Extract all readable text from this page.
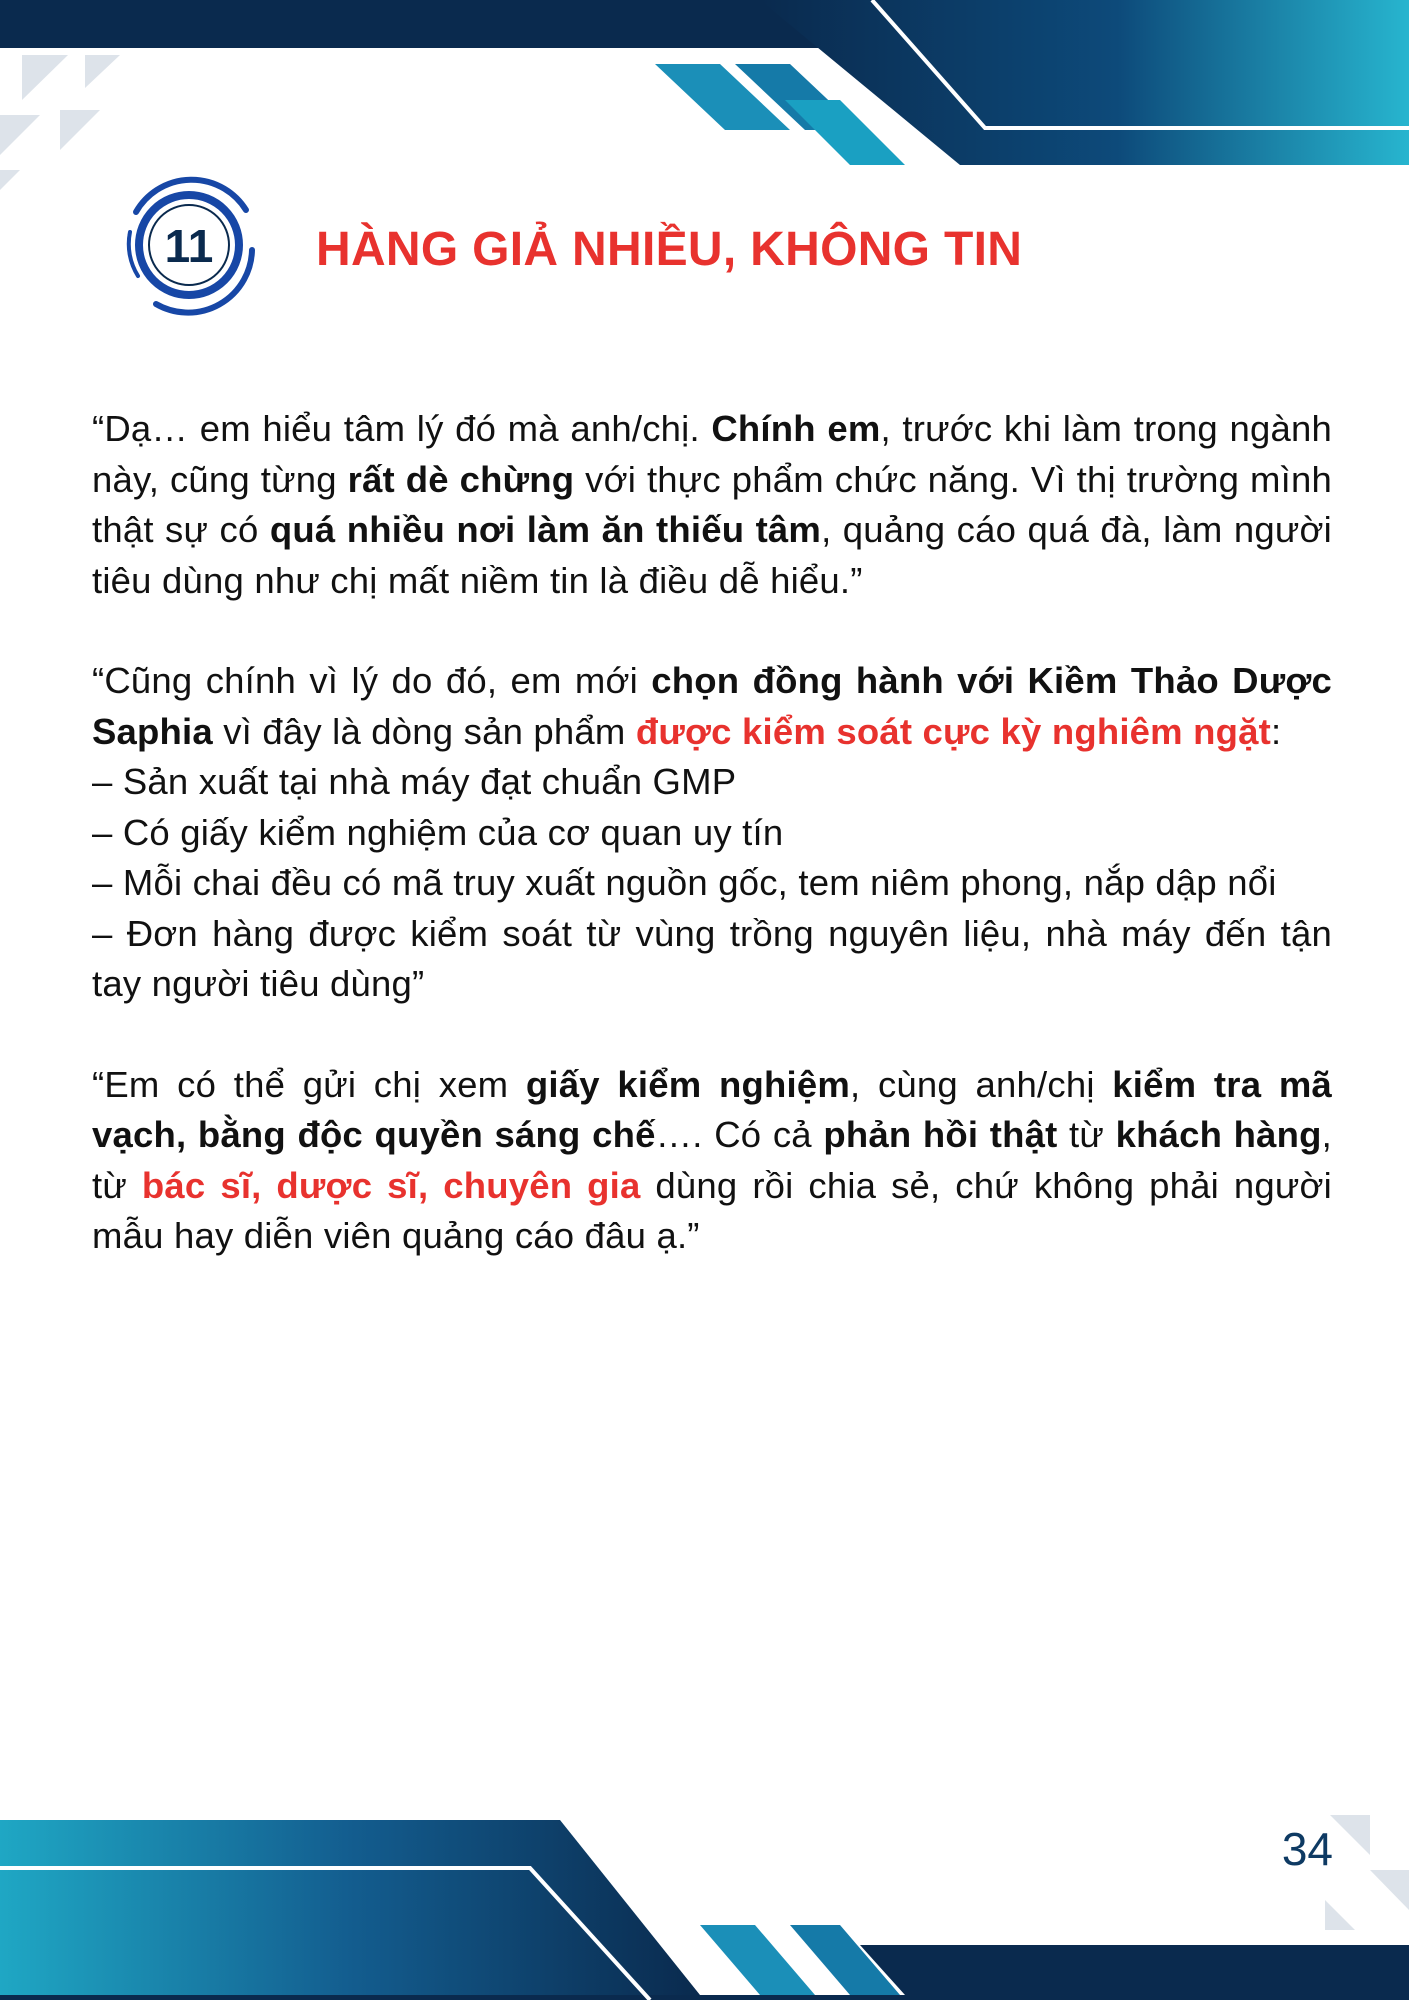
11 HÀNG GIẢ NHIỀU, KHÔNG TIN

“Dạ… em hiểu tâm lý đó mà anh/chị. Chính em, trước khi làm trong ngành này, cũng từng rất dè chừng với thực phẩm chức năng. Vì thị trường mình thật sự có quá nhiều nơi làm ăn thiếu tâm, quảng cáo quá đà, làm người tiêu dùng như chị mất niềm tin là điều dễ hiểu.”

“Cũng chính vì lý do đó, em mới chọn đồng hành với Kiềm Thảo Dược Saphia vì đây là dòng sản phẩm được kiểm soát cực kỳ nghiêm ngặt:

– Sản xuất tại nhà máy đạt chuẩn GMP

– Có giấy kiểm nghiệm của cơ quan uy tín

– Mỗi chai đều có mã truy xuất nguồn gốc, tem niêm phong, nắp dập nổi

– Đơn hàng được kiểm soát từ vùng trồng nguyên liệu, nhà máy đến tận tay người tiêu dùng”

“Em có thể gửi chị xem giấy kiểm nghiệm, cùng anh/chị kiểm tra mã vạch, bằng độc quyền sáng chế…. Có cả phản hồi thật từ khách hàng, từ bác sĩ, dược sĩ, chuyên gia dùng rồi chia sẻ, chứ không phải người mẫu hay diễn viên quảng cáo đâu ạ.”

34
